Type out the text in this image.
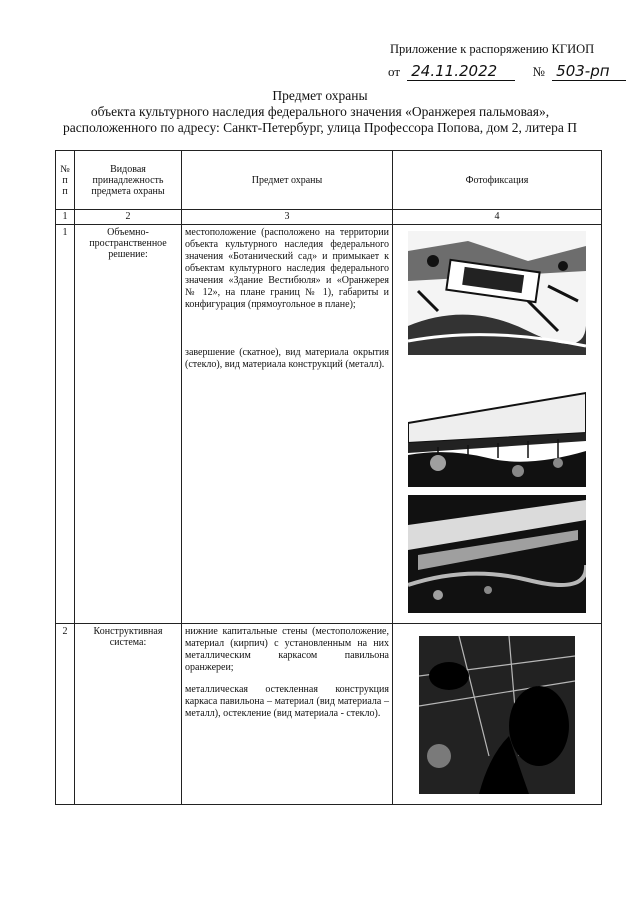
Приложение к распоряжению КГИОП
от 24.11.2022	№ 503-рп
Предмет охраны
объекта культурного наследия федерального значения «Оранжерея пальмовая»,
расположенного по адресу: Санкт-Петербург, улица Профессора Попова, дом 2, литера П
№ п п	Видовая принадлежность предмета охраны	Предмет охраны	Фотофиксация
1	2	3	4
1	Объемно-пространственное решение:	местоположение (расположено на территории объекта культурного наследия федерального значения «Ботанический сад» и примыкает к объектам культурного наследия федерального значения «Здание Вестибюля» и «Оранжерея № 12», на плане границ № 1), габариты и конфигурация (прямоугольное в плане);
завершение (скатное), вид материала окрытия (стекло), вид материала конструкций (металл).

2	Конструктивная система:	нижние капитальные стены (местоположение, материал (кирпич) с установленным на них металлическим каркасом павильона оранжереи;
металлическая остекленная конструкция каркаса павильона – материал (вид материала – металл), остекление (вид материала - стекло).
